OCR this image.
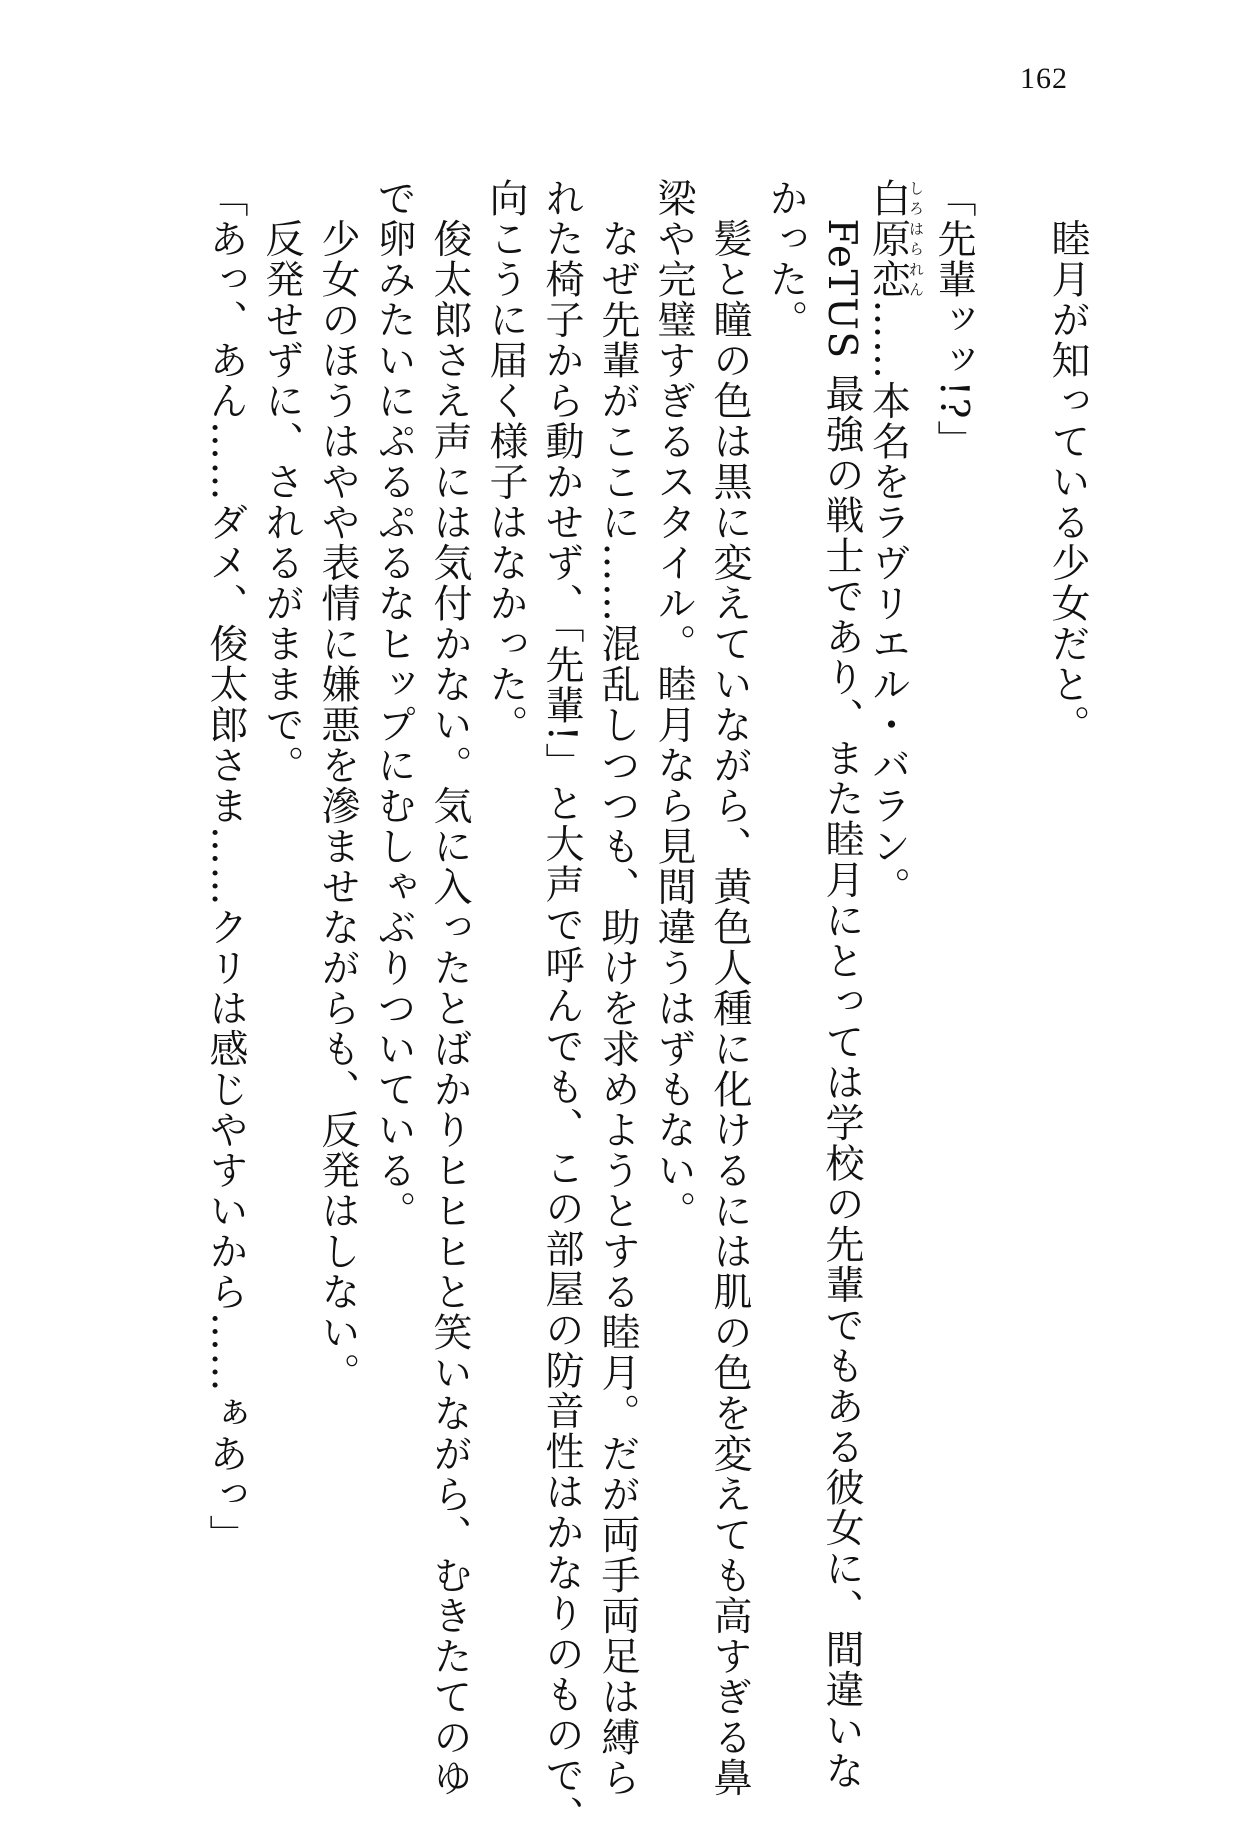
162
　睦月が知っている少女だと。
「先輩ッッ!?」
白原恋しろはられん……本名をラヴリエル・バラン。
　FeTUS 最強の戦士であり、また睦月にとっては学校の先輩でもある彼女に、間違いな
かった。
　髪と瞳の色は黒に変えていながら、黄色人種に化けるには肌の色を変えても高すぎる鼻
梁や完璧すぎるスタイル。睦月なら見間違うはずもない。
　なぜ先輩がここに……混乱しつつも、助けを求めようとする睦月。だが両手両足は縛ら
れた椅子から動かせず、「先輩!」と大声で呼んでも、この部屋の防音性はかなりのもので、
向こうに届く様子はなかった。
　俊太郎さえ声には気付かない。気に入ったとばかりヒヒヒと笑いながら、むきたてのゆ
で卵みたいにぷるぷるなヒップにむしゃぶりついている。
　少女のほうはやや表情に嫌悪を滲ませながらも、反発はしない。
　反発せずに、されるがままで。
「あっ、あん……ダメ、俊太郎さま……クリは感じやすいから……ぁあっ」
